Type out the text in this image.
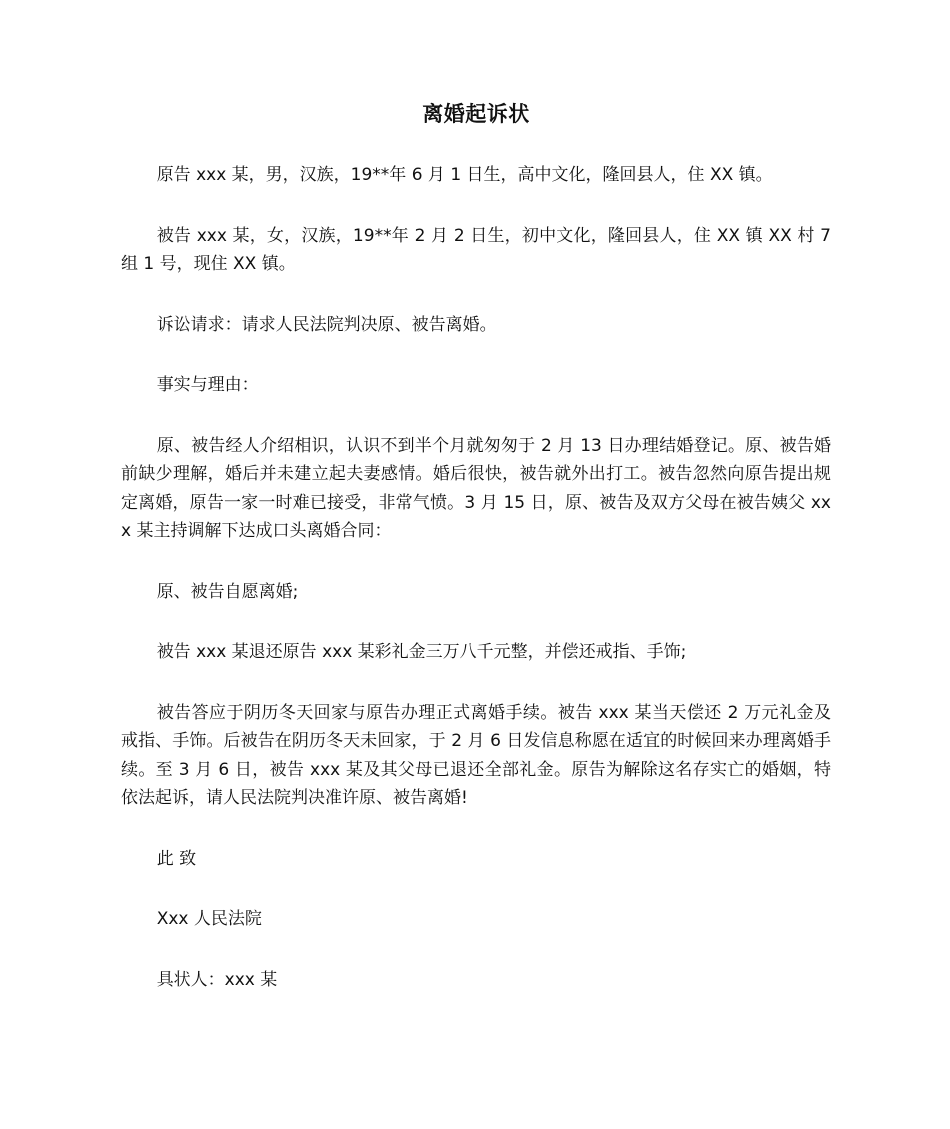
离婚起诉状

原告 xxx 某，男，汉族，19**年 6 月 1 日生，高中文化，隆回县人，住 XX 镇。

被告 xxx 某，女，汉族，19**年 2 月 2 日生，初中文化，隆回县人，住 XX 镇 XX 村 7 组 1 号，现住 XX 镇。

诉讼请求：请求人民法院判决原、被告离婚。

事实与理由：

原、被告经人介绍相识，认识不到半个月就匆匆于 2 月 13 日办理结婚登记。原、被告婚前缺少理解，婚后并未建立起夫妻感情。婚后很快，被告就外出打工。被告忽然向原告提出规定离婚，原告一家一时难已接受，非常气愤。3 月 15 日，原、被告及双方父母在被告姨父 xxx 某主持调解下达成口头离婚合同：

原、被告自愿离婚;

被告 xxx 某退还原告 xxx 某彩礼金三万八千元整，并偿还戒指、手饰;

被告答应于阴历冬天回家与原告办理正式离婚手续。被告 xxx 某当天偿还 2 万元礼金及戒指、手饰。后被告在阴历冬天未回家，于 2 月 6 日发信息称愿在适宜的时候回来办理离婚手续。至 3 月 6 日，被告 xxx 某及其父母已退还全部礼金。原告为解除这名存实亡的婚姻，特依法起诉，请人民法院判决准许原、被告离婚!

此 致

Xxx 人民法院

具状人：xxx 某
